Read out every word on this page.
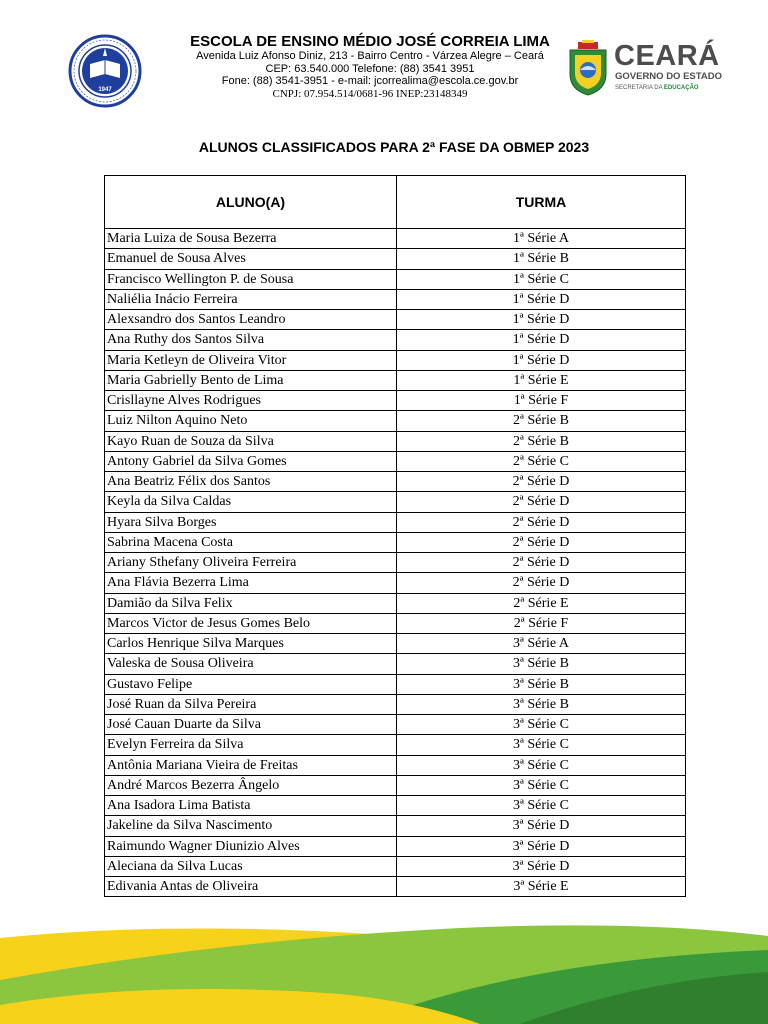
1947
ESCOLA DE ENSINO MÉDIO JOSÉ CORREIA LIMA
Avenida Luiz Afonso Diniz, 213 - Bairro Centro - Várzea Alegre – Ceará
CEP: 63.540.000 Telefone: (88) 3541 3951
Fone: (88) 3541-3951 - e-mail: jcorrealima@escola.ce.gov.br
CNPJ: 07.954.514/0681-96 INEP:23148349
CEARÁ
GOVERNO DO ESTADO
SECRETARIA DA EDUCAÇÃO
ALUNOS CLASSIFICADOS PARA 2ª FASE DA OBMEP 2023
ALUNO(A)	TURMA
Maria Luiza de Sousa Bezerra	1ª Série A
Emanuel de Sousa Alves	1ª Série B
Francisco Wellington P. de Sousa	1ª Série C
Naliélia Inácio Ferreira	1ª Série D
Alexsandro dos Santos Leandro	1ª Série D
Ana Ruthy dos Santos Silva	1ª Série D
Maria Ketleyn de Oliveira Vitor	1ª Série D
Maria Gabrielly Bento de Lima	1ª Série E
Crisllayne Alves Rodrigues	1ª Série F
Luiz Nilton Aquino Neto	2ª Série B
Kayo Ruan de Souza da Silva	2ª Série B
Antony Gabriel da Silva Gomes	2ª Série C
Ana Beatriz Félix dos Santos	2ª Série D
Keyla da Silva Caldas	2ª Série D
Hyara Silva Borges	2ª Série D
Sabrina Macena Costa	2ª Série D
Ariany Sthefany Oliveira Ferreira	2ª Série D
Ana Flávia Bezerra Lima	2ª Série D
Damião da Silva Felix	2ª Série E
Marcos Victor de Jesus Gomes Belo	2ª Série F
Carlos Henrique Silva Marques	3ª Série A
Valeska de Sousa Oliveira	3ª Série B
Gustavo Felipe	3ª Série B
José Ruan da Silva Pereira	3ª Série B
José Cauan Duarte da Silva	3ª Série C
Evelyn Ferreira da Silva	3ª Série C
Antônia Mariana Vieira de Freitas	3ª Série C
André Marcos Bezerra Ângelo	3ª Série C
Ana Isadora Lima Batista	3ª Série C
Jakeline da Silva Nascimento	3ª Série D
Raimundo Wagner Diunizio Alves	3ª Série D
Aleciana da Silva Lucas	3ª Série D
Edivania Antas de Oliveira	3ª Série E
